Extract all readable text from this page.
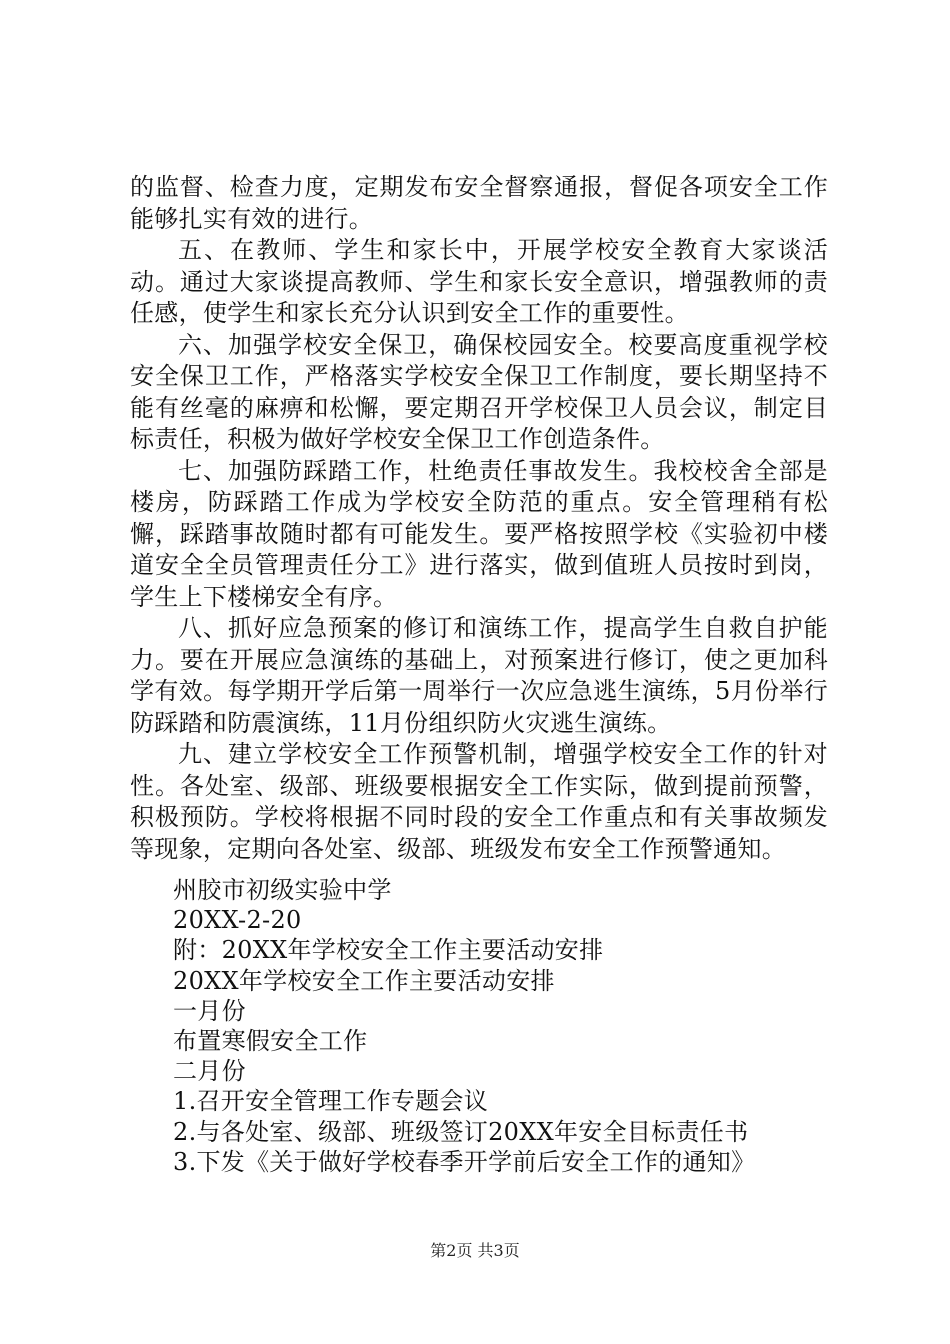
的监督、检查力度，定期发布安全督察通报，督促各项安全工作能够扎实有效的进行。

五、在教师、学生和家长中，开展学校安全教育大家谈活动。通过大家谈提高教师、学生和家长安全意识，增强教师的责任感，使学生和家长充分认识到安全工作的重要性。

六、加强学校安全保卫，确保校园安全。校要高度重视学校安全保卫工作，严格落实学校安全保卫工作制度，要长期坚持不能有丝毫的麻痹和松懈，要定期召开学校保卫人员会议，制定目标责任，积极为做好学校安全保卫工作创造条件。

七、加强防踩踏工作，杜绝责任事故发生。我校校舍全部是楼房，防踩踏工作成为学校安全防范的重点。安全管理稍有松懈，踩踏事故随时都有可能发生。要严格按照学校《实验初中楼道安全全员管理责任分工》进行落实，做到值班人员按时到岗，学生上下楼梯安全有序。

八、抓好应急预案的修订和演练工作，提高学生自救自护能力。要在开展应急演练的基础上，对预案进行修订，使之更加科学有效。每学期开学后第一周举行一次应急逃生演练，5月份举行防踩踏和防震演练，11月份组织防火灾逃生演练。

九、建立学校安全工作预警机制，增强学校安全工作的针对性。各处室、级部、班级要根据安全工作实际，做到提前预警，积极预防。学校将根据不同时段的安全工作重点和有关事故频发等现象，定期向各处室、级部、班级发布安全工作预警通知。

州胶市初级实验中学
20XX-2-20
附：20XX年学校安全工作主要活动安排
20XX年学校安全工作主要活动安排
一月份
布置寒假安全工作
二月份
1.召开安全管理工作专题会议
2.与各处室、级部、班级签订20XX年安全目标责任书
3.下发《关于做好学校春季开学前后安全工作的通知》
第2页 共3页
